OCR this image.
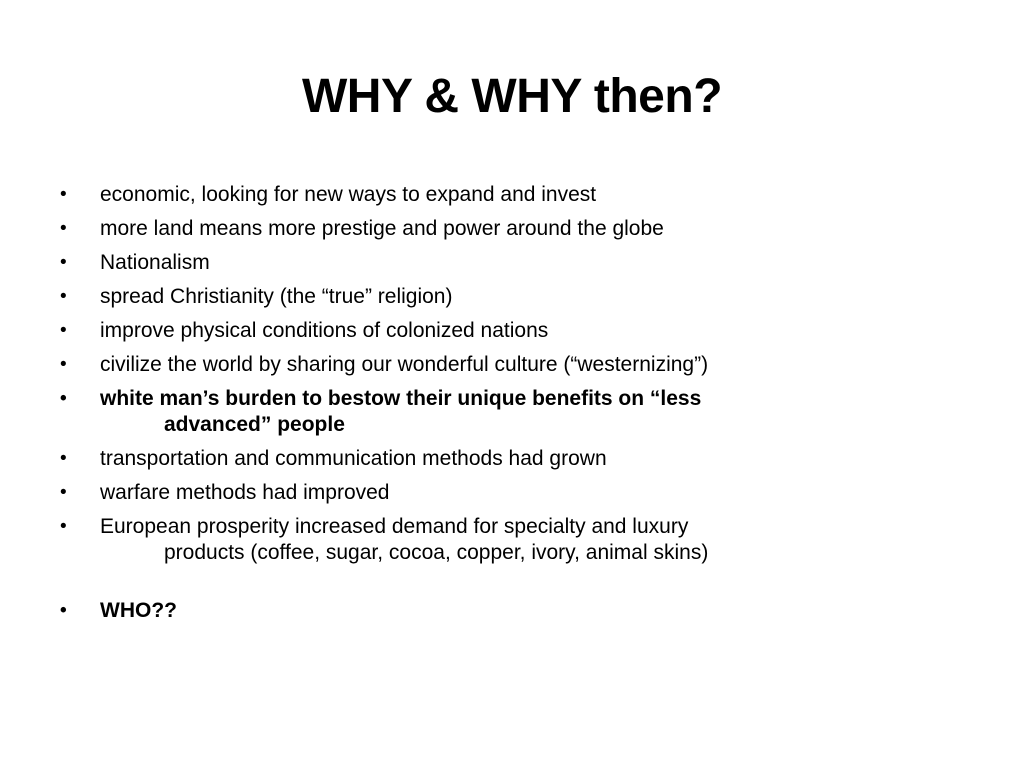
WHY & WHY then?
•	economic, looking for new ways to expand and invest
•	more land means more prestige and power around the globe
•	Nationalism
•	spread Christianity (the “true” religion)
•	improve physical conditions of colonized nations
•	civilize the world by sharing our wonderful culture (“westernizing”)
•	white man’s burden to bestow their unique benefits on “less
advanced” people
•	transportation and communication methods had grown
•	warfare methods had improved
•	European prosperity increased demand for specialty and luxury
products (coffee, sugar, cocoa, copper, ivory, animal skins)
•	WHO??
